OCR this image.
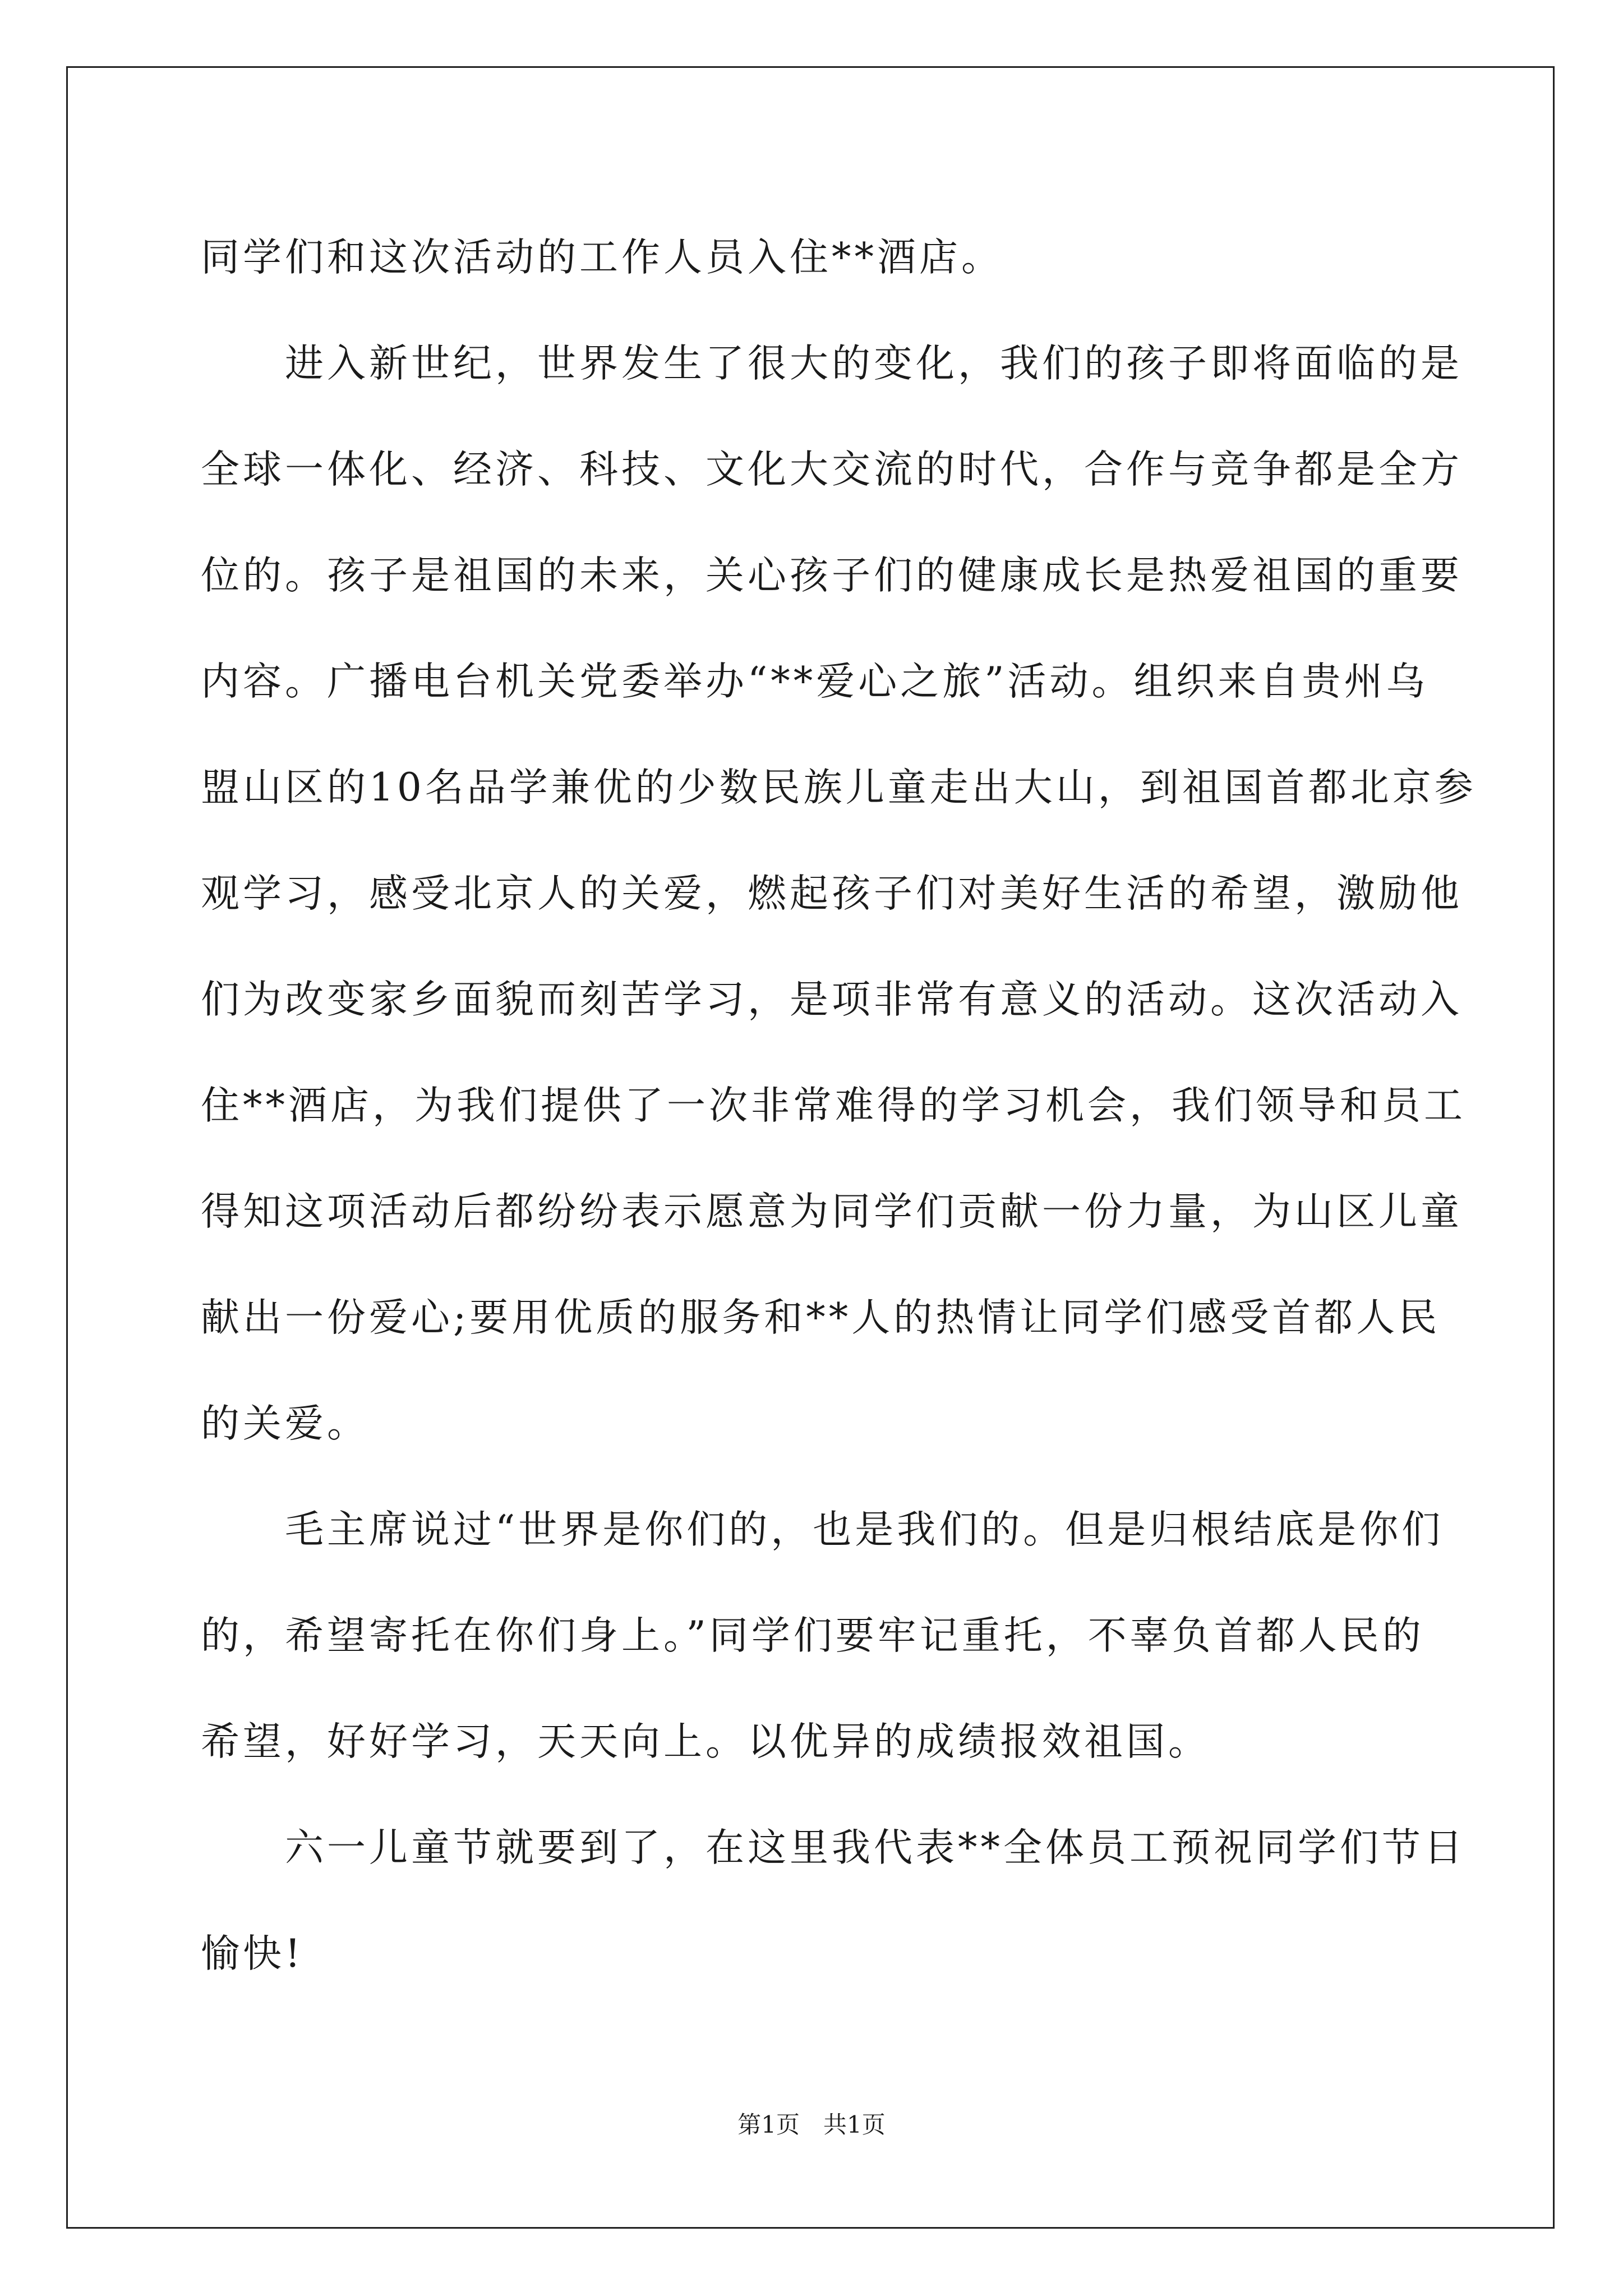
同学们和这次活动的工作人员入住**酒店。
进入新世纪，世界发生了很大的变化，我们的孩子即将面临的是
全球一体化、经济、科技、文化大交流的时代，合作与竞争都是全方
位的。孩子是祖国的未来，关心孩子们的健康成长是热爱祖国的重要
内容。广播电台机关党委举办“**爱心之旅”活动。组织来自贵州乌
盟山区的10名品学兼优的少数民族儿童走出大山，到祖国首都北京参
观学习，感受北京人的关爱，燃起孩子们对美好生活的希望，激励他
们为改变家乡面貌而刻苦学习，是项非常有意义的活动。这次活动入
住**酒店，为我们提供了一次非常难得的学习机会，我们领导和员工
得知这项活动后都纷纷表示愿意为同学们贡献一份力量，为山区儿童
献出一份爱心;要用优质的服务和**人的热情让同学们感受首都人民
的关爱。
毛主席说过“世界是你们的，也是我们的。但是归根结底是你们
的，希望寄托在你们身上。”同学们要牢记重托，不辜负首都人民的
希望，好好学习，天天向上。以优异的成绩报效祖国。
六一儿童节就要到了，在这里我代表**全体员工预祝同学们节日
愉快!
第1页　共1页
